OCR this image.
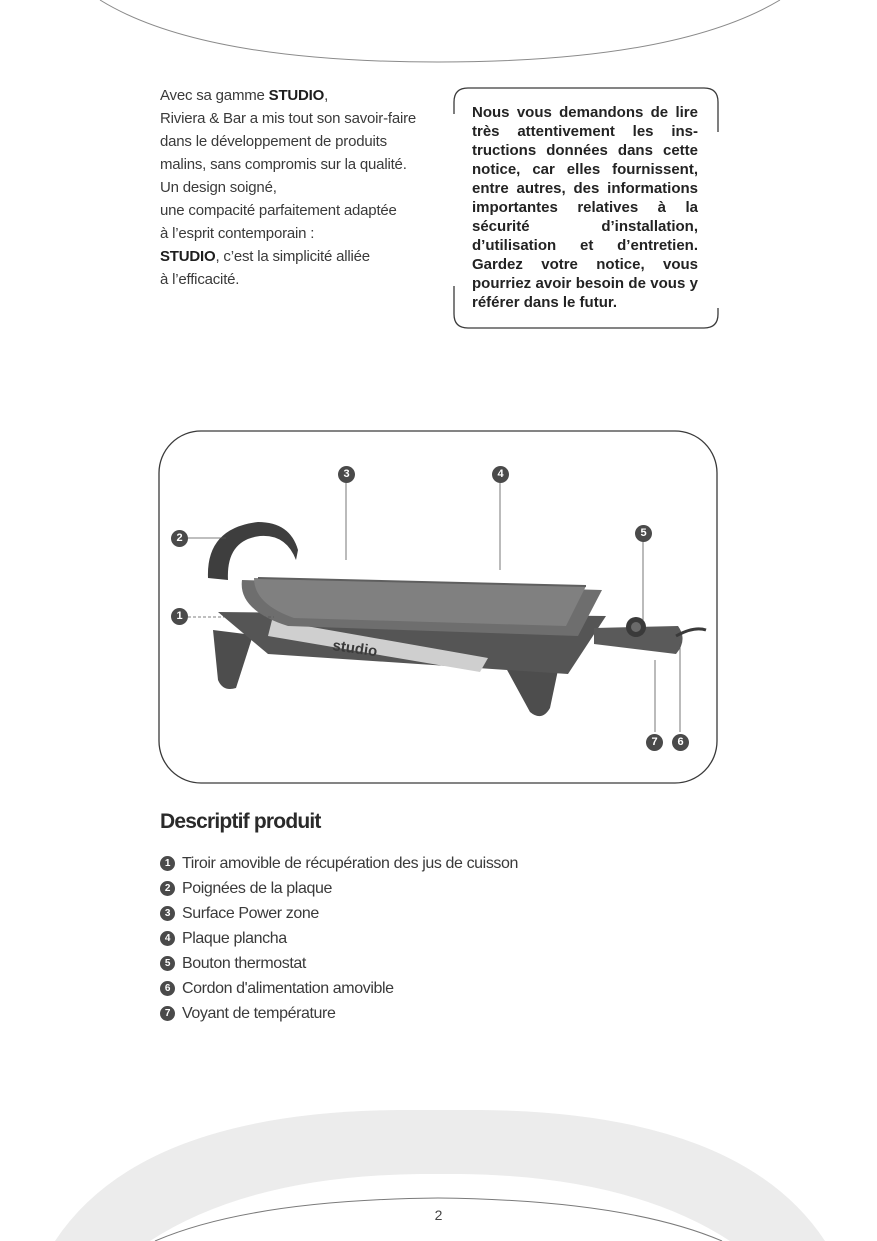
Avec sa gamme STUDIO,

Riviera & Bar a mis tout son savoir-faire

dans le développement de produits

malins, sans compromis sur la qualité.

Un design soigné,

une compacité parfaitement adaptée

à l’esprit contemporain :

STUDIO, c’est la simplicité alliée

à l’efficacité.

Nous vous demandons de lire très attentivement les instructions données dans cette notice, car elles fournissent, entre autres, des informations importantes relatives à la sécurité d’installation, d’utilisation et d’entretien. Gardez votre notice, vous pourriez avoir besoin de vous y référer dans le futur.

studio
1
2
3	4
5
6
7
Descriptif produit
1 Tiroir amovible de récupération des jus de cuisson
2 Poignées de la plaque
3 Surface Power zone
4 Plaque plancha
5 Bouton thermostat
6 Cordon d'alimentation amovible
7 Voyant de température
2
